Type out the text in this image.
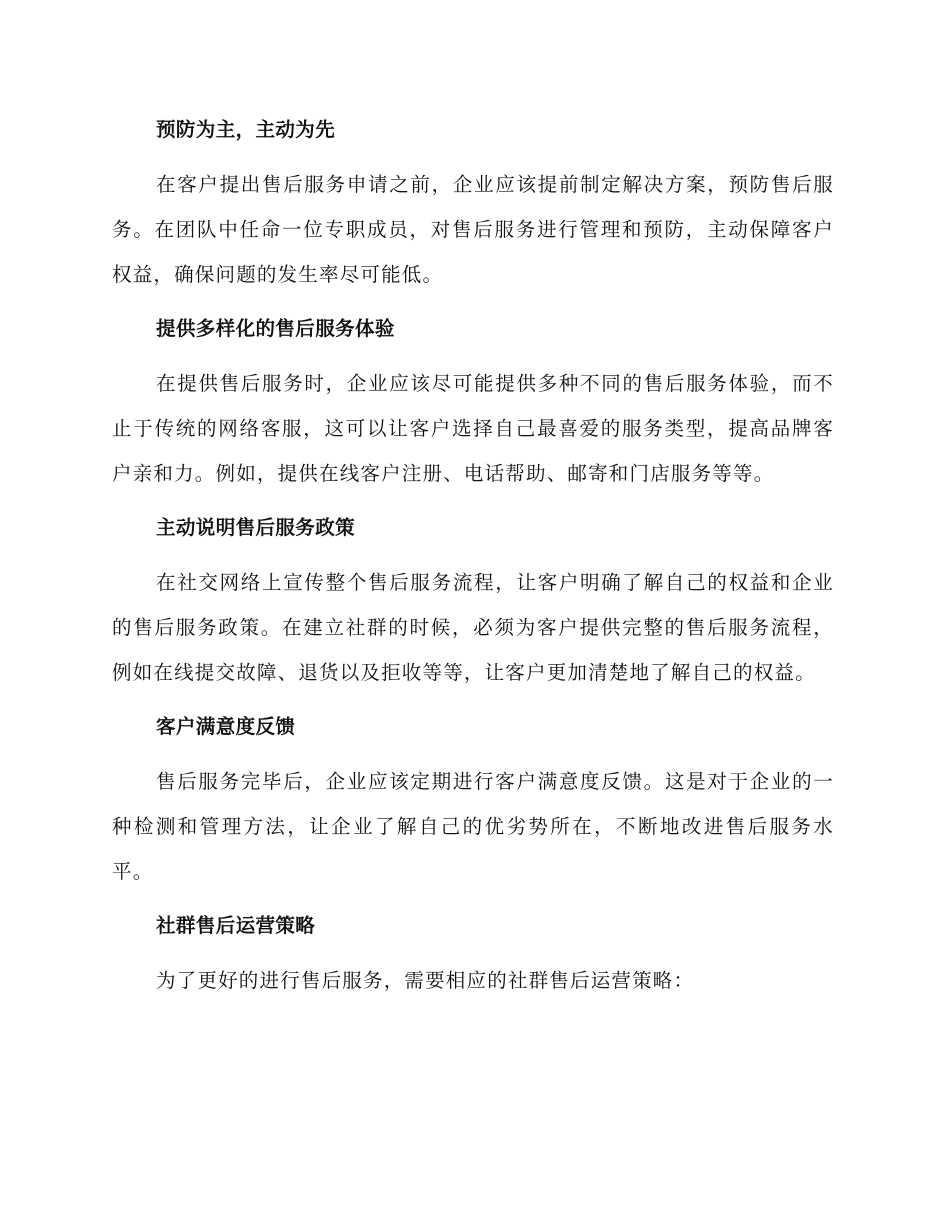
预防为主，主动为先

在客户提出售后服务申请之前，企业应该提前制定解决方案，预防售后服务。在团队中任命一位专职成员，对售后服务进行管理和预防，主动保障客户权益，确保问题的发生率尽可能低。

提供多样化的售后服务体验

在提供售后服务时，企业应该尽可能提供多种不同的售后服务体验，而不止于传统的网络客服，这可以让客户选择自己最喜爱的服务类型，提高品牌客户亲和力。例如，提供在线客户注册、电话帮助、邮寄和门店服务等等。

主动说明售后服务政策

在社交网络上宣传整个售后服务流程，让客户明确了解自己的权益和企业的售后服务政策。在建立社群的时候，必须为客户提供完整的售后服务流程，例如在线提交故障、退货以及拒收等等，让客户更加清楚地了解自己的权益。

客户满意度反馈

售后服务完毕后，企业应该定期进行客户满意度反馈。这是对于企业的一种检测和管理方法，让企业了解自己的优劣势所在，不断地改进售后服务水平。

社群售后运营策略

为了更好的进行售后服务，需要相应的社群售后运营策略：
